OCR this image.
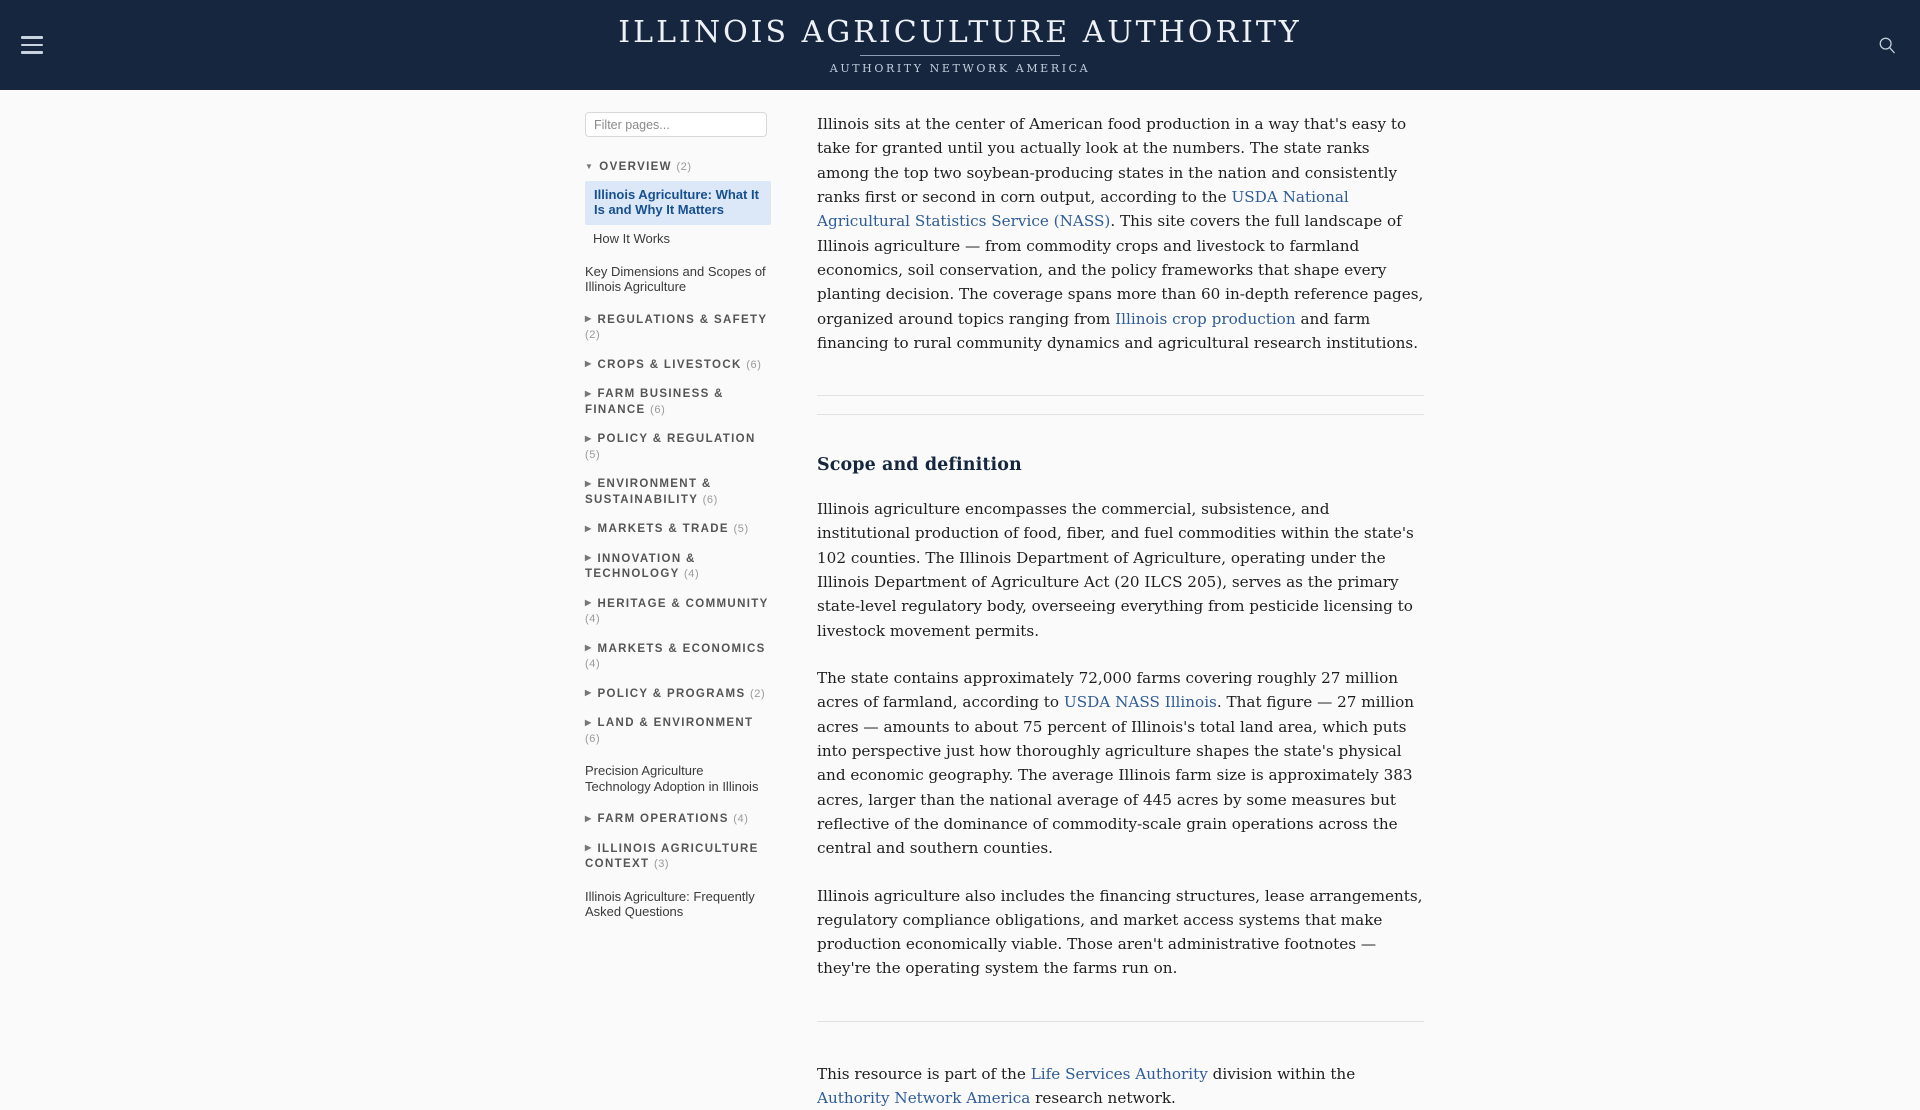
ILLINOIS AGRICULTURE AUTHORITY
AUTHORITY NETWORK AMERICA
Filter pages...
▼ OVERVIEW (2)
Illinois Agriculture: What It Is and Why It Matters
How It Works
Key Dimensions and Scopes of Illinois Agriculture
▶ REGULATIONS & SAFETY (2)
▶ CROPS & LIVESTOCK (6)
▶ FARM BUSINESS & FINANCE (6)
▶ POLICY & REGULATION (5)
▶ ENVIRONMENT & SUSTAINABILITY (6)
▶ MARKETS & TRADE (5)
▶ INNOVATION & TECHNOLOGY (4)
▶ HERITAGE & COMMUNITY (4)
▶ MARKETS & ECONOMICS (4)
▶ POLICY & PROGRAMS (2)
▶ LAND & ENVIRONMENT (6)
Precision Agriculture Technology Adoption in Illinois
▶ FARM OPERATIONS (4)
▶ ILLINOIS AGRICULTURE CONTEXT (3)
Illinois Agriculture: Frequently Asked Questions

Illinois sits at the center of American food production in a way that's easy to take for granted until you actually look at the numbers. The state ranks among the top two soybean-producing states in the nation and consistently ranks first or second in corn output, according to the USDA National Agricultural Statistics Service (NASS). This site covers the full landscape of Illinois agriculture — from commodity crops and livestock to farmland economics, soil conservation, and the policy frameworks that shape every planting decision. The coverage spans more than 60 in-depth reference pages, organized around topics ranging from Illinois crop production and farm financing to rural community dynamics and agricultural research institutions.

Scope and definition

Illinois agriculture encompasses the commercial, subsistence, and institutional production of food, fiber, and fuel commodities within the state's 102 counties. The Illinois Department of Agriculture, operating under the Illinois Department of Agriculture Act (20 ILCS 205), serves as the primary state-level regulatory body, overseeing everything from pesticide licensing to livestock movement permits.

The state contains approximately 72,000 farms covering roughly 27 million acres of farmland, according to USDA NASS Illinois. That figure — 27 million acres — amounts to about 75 percent of Illinois's total land area, which puts into perspective just how thoroughly agriculture shapes the state's physical and economic geography. The average Illinois farm size is approximately 383 acres, larger than the national average of 445 acres by some measures but reflective of the dominance of commodity-scale grain operations across the central and southern counties.

Illinois agriculture also includes the financing structures, lease arrangements, regulatory compliance obligations, and market access systems that make production economically viable. Those aren't administrative footnotes — they're the operating system the farms run on.

This resource is part of the Life Services Authority division within the Authority Network America research network.
